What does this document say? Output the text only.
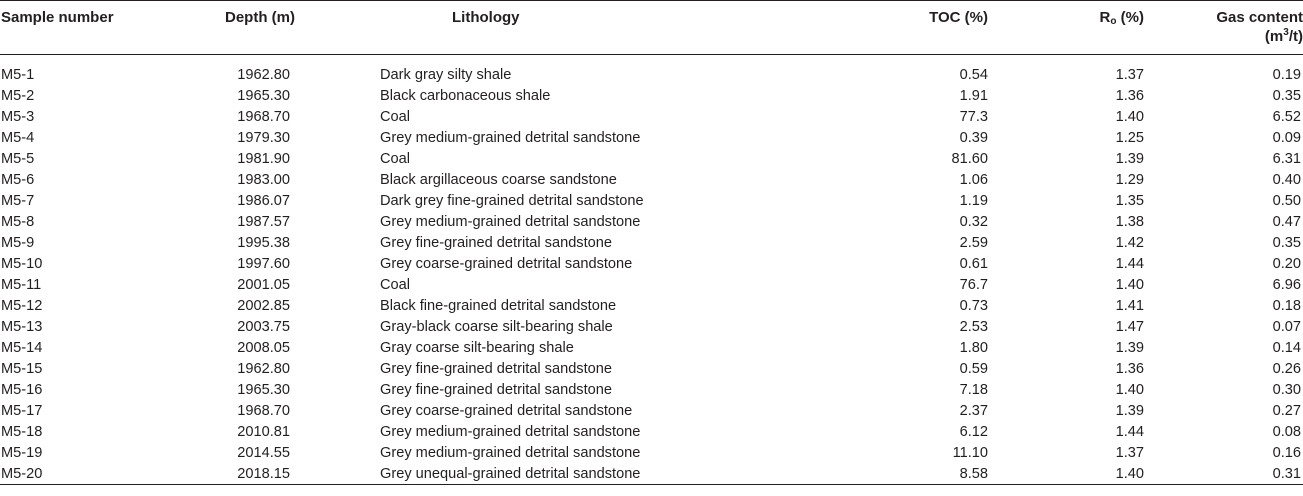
Sample number	Depth (m)	Lithology	TOC (%)	$R_o$ (%)	Gas content
$(m^3/t)$
M5-1	1962.80	Dark gray silty shale	0.54	1.37	0.19
M5-2	1965.30	Black carbonaceous shale	1.91	1.36	0.35
M5-3	1968.70	Coal	77.3	1.40	6.52
M5-4	1979.30	Grey medium-grained detrital sandstone	0.39	1.25	0.09
M5-5	1981.90	Coal	81.60	1.39	6.31
M5-6	1983.00	Black argillaceous coarse sandstone	1.06	1.29	0.40
M5-7	1986.07	Dark grey fine-grained detrital sandstone	1.19	1.35	0.50
M5-8	1987.57	Grey medium-grained detrital sandstone	0.32	1.38	0.47
M5-9	1995.38	Grey fine-grained detrital sandstone	2.59	1.42	0.35
M5-10	1997.60	Grey coarse-grained detrital sandstone	0.61	1.44	0.20
M5-11	2001.05	Coal	76.7	1.40	6.96
M5-12	2002.85	Black fine-grained detrital sandstone	0.73	1.41	0.18
M5-13	2003.75	Gray-black coarse silt-bearing shale	2.53	1.47	0.07
M5-14	2008.05	Gray coarse silt-bearing shale	1.80	1.39	0.14
M5-15	1962.80	Grey fine-grained detrital sandstone	0.59	1.36	0.26
M5-16	1965.30	Grey fine-grained detrital sandstone	7.18	1.40	0.30
M5-17	1968.70	Grey coarse-grained detrital sandstone	2.37	1.39	0.27
M5-18	2010.81	Grey medium-grained detrital sandstone	6.12	1.44	0.08
M5-19	2014.55	Grey medium-grained detrital sandstone	11.10	1.37	0.16
M5-20	2018.15	Grey unequal-grained detrital sandstone	8.58	1.40	0.31
